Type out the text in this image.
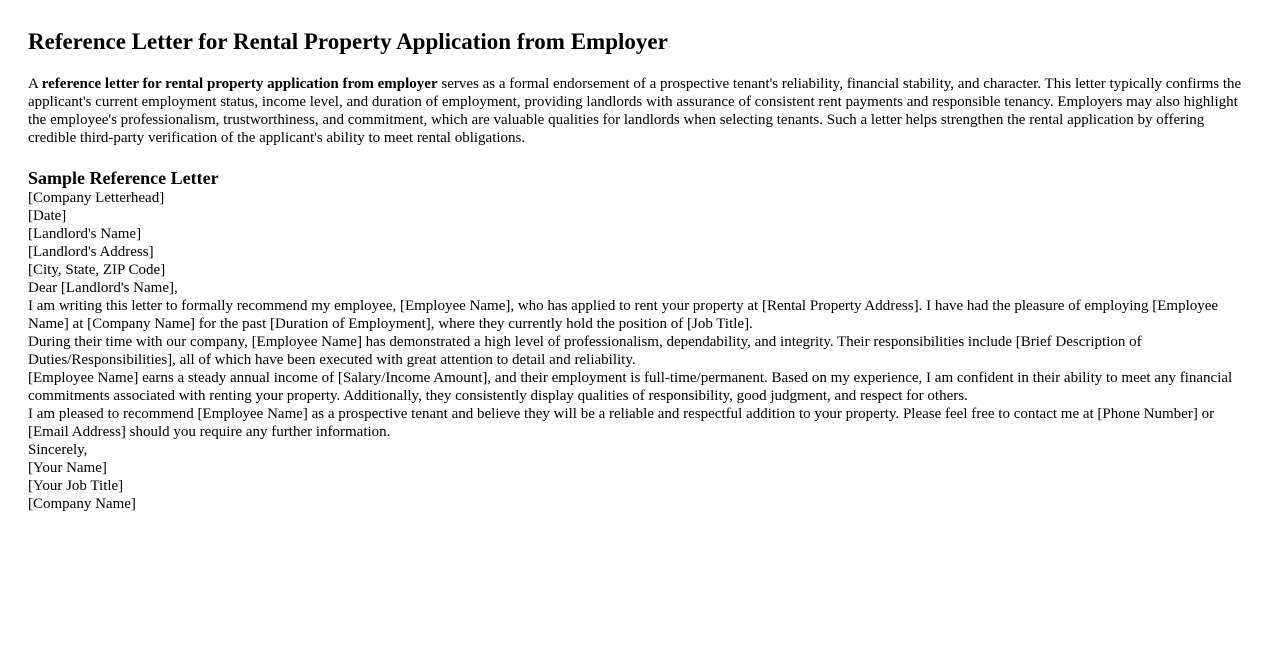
Reference Letter for Rental Property Application from Employer

A reference letter for rental property application from employer serves as a formal endorsement of a prospective tenant's reliability, financial stability, and character. This letter typically confirms the applicant's current employment status, income level, and duration of employment, providing landlords with assurance of consistent rent payments and responsible tenancy. Employers may also highlight the employee's professionalism, trustworthiness, and commitment, which are valuable qualities for landlords when selecting tenants. Such a letter helps strengthen the rental application by offering credible third-party verification of the applicant's ability to meet rental obligations.

Sample Reference Letter

[Company Letterhead]

[Date]

[Landlord's Name]
[Landlord's Address]
[City, State, ZIP Code]

Dear [Landlord's Name],

I am writing this letter to formally recommend my employee, [Employee Name], who has applied to rent your property at [Rental Property Address]. I have had the pleasure of employing [Employee Name] at [Company Name] for the past [Duration of Employment], where they currently hold the position of [Job Title].

During their time with our company, [Employee Name] has demonstrated a high level of professionalism, dependability, and integrity. Their responsibilities include [Brief Description of Duties/Responsibilities], all of which have been executed with great attention to detail and reliability.

[Employee Name] earns a steady annual income of [Salary/Income Amount], and their employment is full-time/permanent. Based on my experience, I am confident in their ability to meet any financial commitments associated with renting your property. Additionally, they consistently display qualities of responsibility, good judgment, and respect for others.

I am pleased to recommend [Employee Name] as a prospective tenant and believe they will be a reliable and respectful addition to your property. Please feel free to contact me at [Phone Number] or [Email Address] should you require any further information.

Sincerely,
[Your Name]
[Your Job Title]
[Company Name]
